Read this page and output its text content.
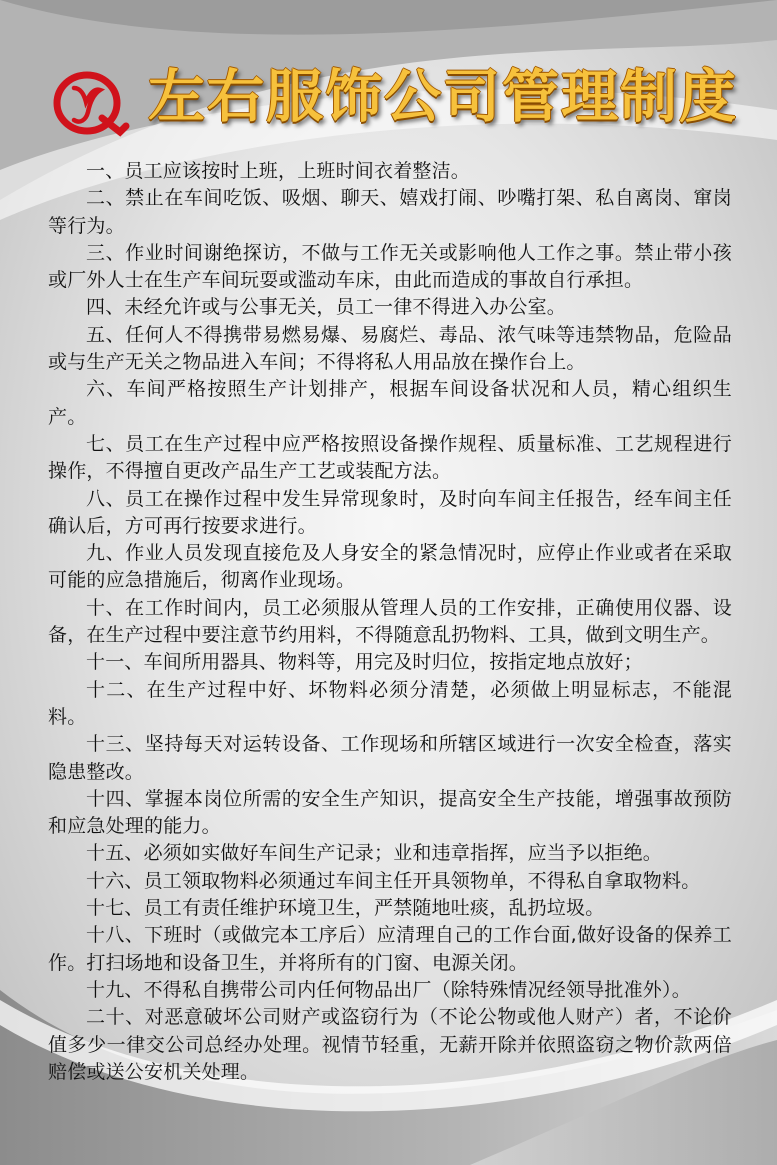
左右服饰公司管理制度

一、员工应该按时上班，上班时间衣着整洁。

二、禁止在车间吃饭、吸烟、聊天、嬉戏打闹、吵嘴打架、私自离岗、窜岗等行为。

三、作业时间谢绝探访，不做与工作无关或影响他人工作之事。禁止带小孩或厂外人士在生产车间玩耍或滥动车床，由此而造成的事故自行承担。

四、未经允许或与公事无关，员工一律不得进入办公室。

五、任何人不得携带易燃易爆、易腐烂、毒品、浓气味等违禁物品，危险品或与生产无关之物品进入车间；不得将私人用品放在操作台上。

六、车间严格按照生产计划排产，根据车间设备状况和人员，精心组织生产。

七、员工在生产过程中应严格按照设备操作规程、质量标准、工艺规程进行操作，不得擅自更改产品生产工艺或装配方法。

八、员工在操作过程中发生异常现象时，及时向车间主任报告，经车间主任确认后，方可再行按要求进行。

九、作业人员发现直接危及人身安全的紧急情况时，应停止作业或者在采取可能的应急措施后，彻离作业现场。

十、在工作时间内，员工必须服从管理人员的工作安排，正确使用仪器、设备，在生产过程中要注意节约用料，不得随意乱扔物料、工具，做到文明生产。

十一、车间所用器具、物料等，用完及时归位，按指定地点放好；

十二、在生产过程中好、坏物料必须分清楚，必须做上明显标志，不能混料。

十三、坚持每天对运转设备、工作现场和所辖区域进行一次安全检查，落实隐患整改。

十四、掌握本岗位所需的安全生产知识，提高安全生产技能，增强事故预防和应急处理的能力。

十五、必须如实做好车间生产记录；业和违章指挥，应当予以拒绝。

十六、员工领取物料必须通过车间主任开具领物单，不得私自拿取物料。

十七、员工有责任维护环境卫生，严禁随地吐痰，乱扔垃圾。

十八、下班时（或做完本工序后）应清理自己的工作台面,做好设备的保养工作。打扫场地和设备卫生，并将所有的门窗、电源关闭。

十九、不得私自携带公司内任何物品出厂（除特殊情况经领导批准外）。

二十、对恶意破坏公司财产或盗窃行为（不论公物或他人财产）者，不论价值多少一律交公司总经办处理。视情节轻重，无薪开除并依照盗窃之物价款两倍赔偿或送公安机关处理。
